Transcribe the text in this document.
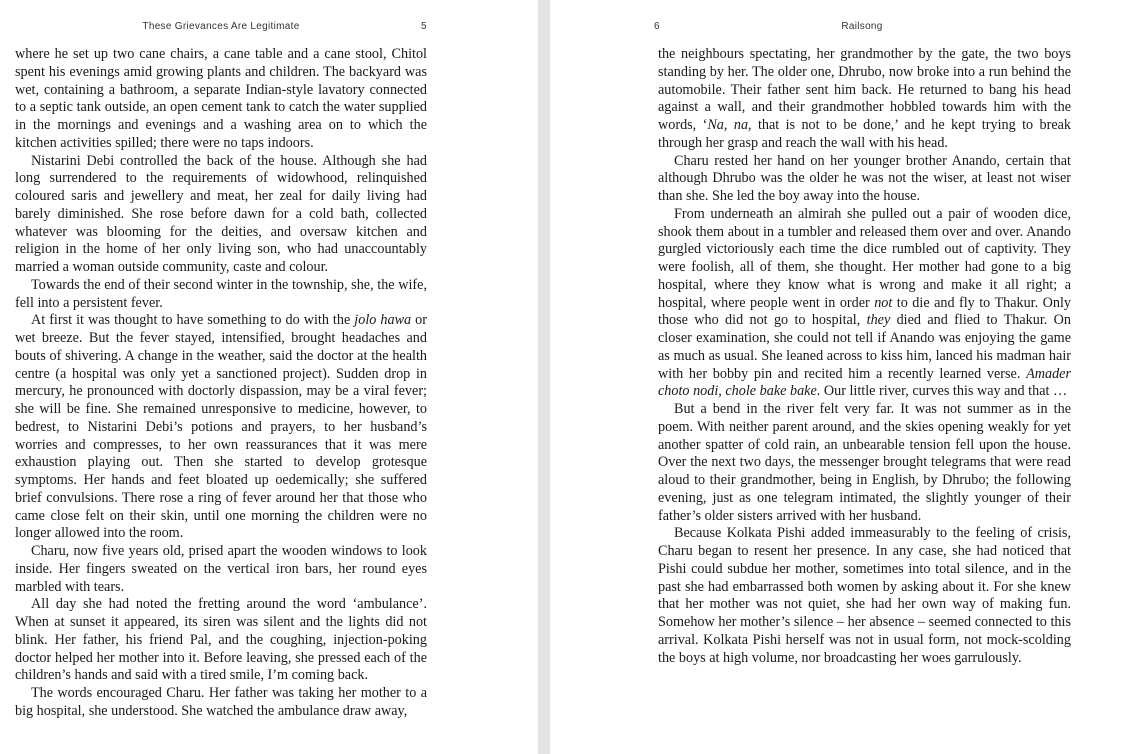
These Grievances Are Legitimate	5

where he set up two cane chairs, a cane table and a cane stool, Chitol spent his evenings amid growing plants and children. The backyard was wet, containing a bathroom, a separate Indian-style lavatory connected to a septic tank outside, an open cement tank to catch the water supplied in the mornings and evenings and a washing area on to which the kitchen activities spilled; there were no taps indoors.

Nistarini Debi controlled the back of the house. Although she had long surrendered to the requirements of widowhood, relinquished coloured saris and jewellery and meat, her zeal for daily living had barely diminished. She rose before dawn for a cold bath, collected whatever was blooming for the deities, and oversaw kitchen and religion in the home of her only living son, who had unaccountably married a woman outside community, caste and colour.

Towards the end of their second winter in the township, she, the wife, fell into a persistent fever.

At first it was thought to have something to do with the jolo hawa or wet breeze. But the fever stayed, intensified, brought headaches and bouts of shivering. A change in the weather, said the doctor at the health centre (a hospital was only yet a sanctioned project). Sudden drop in mercury, he pronounced with doctorly dispassion, may be a viral fever; she will be fine. She remained unresponsive to medicine, however, to bedrest, to Nistarini Debi’s potions and prayers, to her husband’s worries and compresses, to her own reassurances that it was mere exhaustion playing out. Then she started to develop grotesque symptoms. Her hands and feet bloated up oedemically; she suffered brief convulsions. There rose a ring of fever around her that those who came close felt on their skin, until one morning the children were no longer allowed into the room.

Charu, now five years old, prised apart the wooden windows to look inside. Her fingers sweated on the vertical iron bars, her round eyes marbled with tears.

All day she had noted the fretting around the word ‘ambulance’. When at sunset it appeared, its siren was silent and the lights did not blink. Her father, his friend Pal, and the coughing, injection-poking doctor helped her mother into it. Before leaving, she pressed each of the children’s hands and said with a tired smile, I’m coming back.

The words encouraged Charu. Her father was taking her mother to a big hospital, she understood. She watched the ambulance draw away,

6	Railsong

the neighbours spectating, her grandmother by the gate, the two boys standing by her. The older one, Dhrubo, now broke into a run behind the automobile. Their father sent him back. He returned to bang his head against a wall, and their grandmother hobbled towards him with the words, ‘Na, na, that is not to be done,’ and he kept trying to break through her grasp and reach the wall with his head.

Charu rested her hand on her younger brother Anando, certain that although Dhrubo was the older he was not the wiser, at least not wiser than she. She led the boy away into the house.

From underneath an almirah she pulled out a pair of wooden dice, shook them about in a tumbler and released them over and over. Anando gurgled victoriously each time the dice rumbled out of captivity. They were foolish, all of them, she thought. Her mother had gone to a big hospital, where they know what is wrong and make it all right; a hospital, where people went in order not to die and fly to Thakur. Only those who did not go to hospital, they died and flied to Thakur. On closer examination, she could not tell if Anando was enjoying the game as much as usual. She leaned across to kiss him, lanced his madman hair with her bobby pin and recited him a recently learned verse. Amader choto nodi, chole bake bake. Our little river, curves this way and that …

But a bend in the river felt very far. It was not summer as in the poem. With neither parent around, and the skies opening weakly for yet another spatter of cold rain, an unbearable tension fell upon the house. Over the next two days, the messenger brought telegrams that were read aloud to their grandmother, being in English, by Dhrubo; the following evening, just as one telegram intimated, the slightly younger of their father’s older sisters arrived with her husband.

Because Kolkata Pishi added immeasurably to the feeling of crisis, Charu began to resent her presence. In any case, she had noticed that Pishi could subdue her mother, sometimes into total silence, and in the past she had embarrassed both women by asking about it. For she knew that her mother was not quiet, she had her own way of making fun. Somehow her mother’s silence – her absence – seemed connected to this arrival. Kolkata Pishi herself was not in usual form, not mock-scolding the boys at high volume, nor broadcasting her woes garrulously.
